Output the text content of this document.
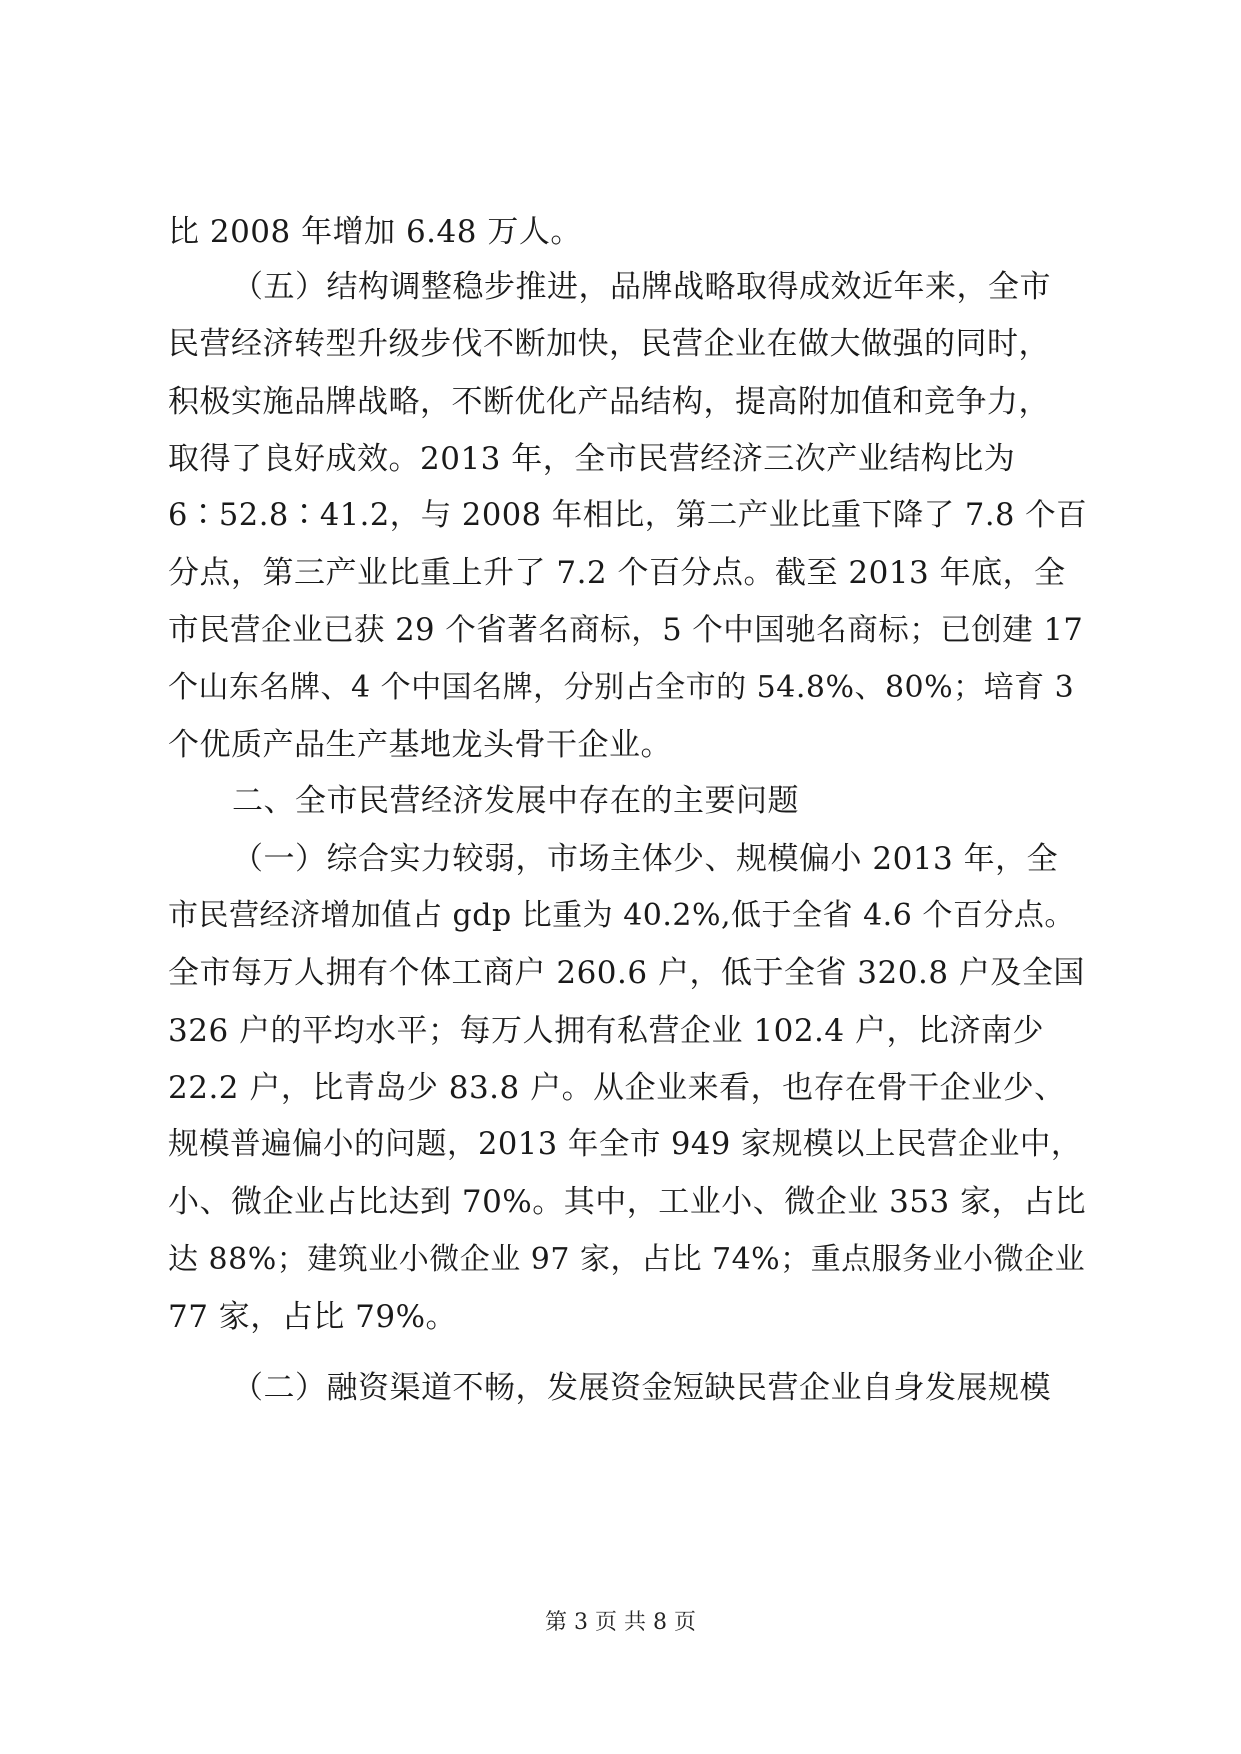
比 2008 年增加 6.48 万人。
（五）结构调整稳步推进，品牌战略取得成效近年来，全市
民营经济转型升级步伐不断加快，民营企业在做大做强的同时，
积极实施品牌战略，不断优化产品结构，提高附加值和竞争力，
取得了良好成效。2013 年，全市民营经济三次产业结构比为
6∶52.8∶41.2，与 2008 年相比，第二产业比重下降了 7.8 个百
分点，第三产业比重上升了 7.2 个百分点。截至 2013 年底，全
市民营企业已获 29 个省著名商标，5 个中国驰名商标；已创建 17
个山东名牌、4 个中国名牌，分别占全市的 54.8%、80%；培育 3
个优质产品生产基地龙头骨干企业。
二、全市民营经济发展中存在的主要问题
（一）综合实力较弱，市场主体少、规模偏小 2013 年，全
市民营经济增加值占 gdp 比重为 40.2%,低于全省 4.6 个百分点。
全市每万人拥有个体工商户 260.6 户，低于全省 320.8 户及全国
326 户的平均水平；每万人拥有私营企业 102.4 户，比济南少
22.2 户，比青岛少 83.8 户。从企业来看，也存在骨干企业少、
规模普遍偏小的问题，2013 年全市 949 家规模以上民营企业中，
小、微企业占比达到 70%。其中，工业小、微企业 353 家，占比
达 88%；建筑业小微企业 97 家，占比 74%；重点服务业小微企业
77 家，占比 79%。
（二）融资渠道不畅，发展资金短缺民营企业自身发展规模
第 3 页 共 8 页
